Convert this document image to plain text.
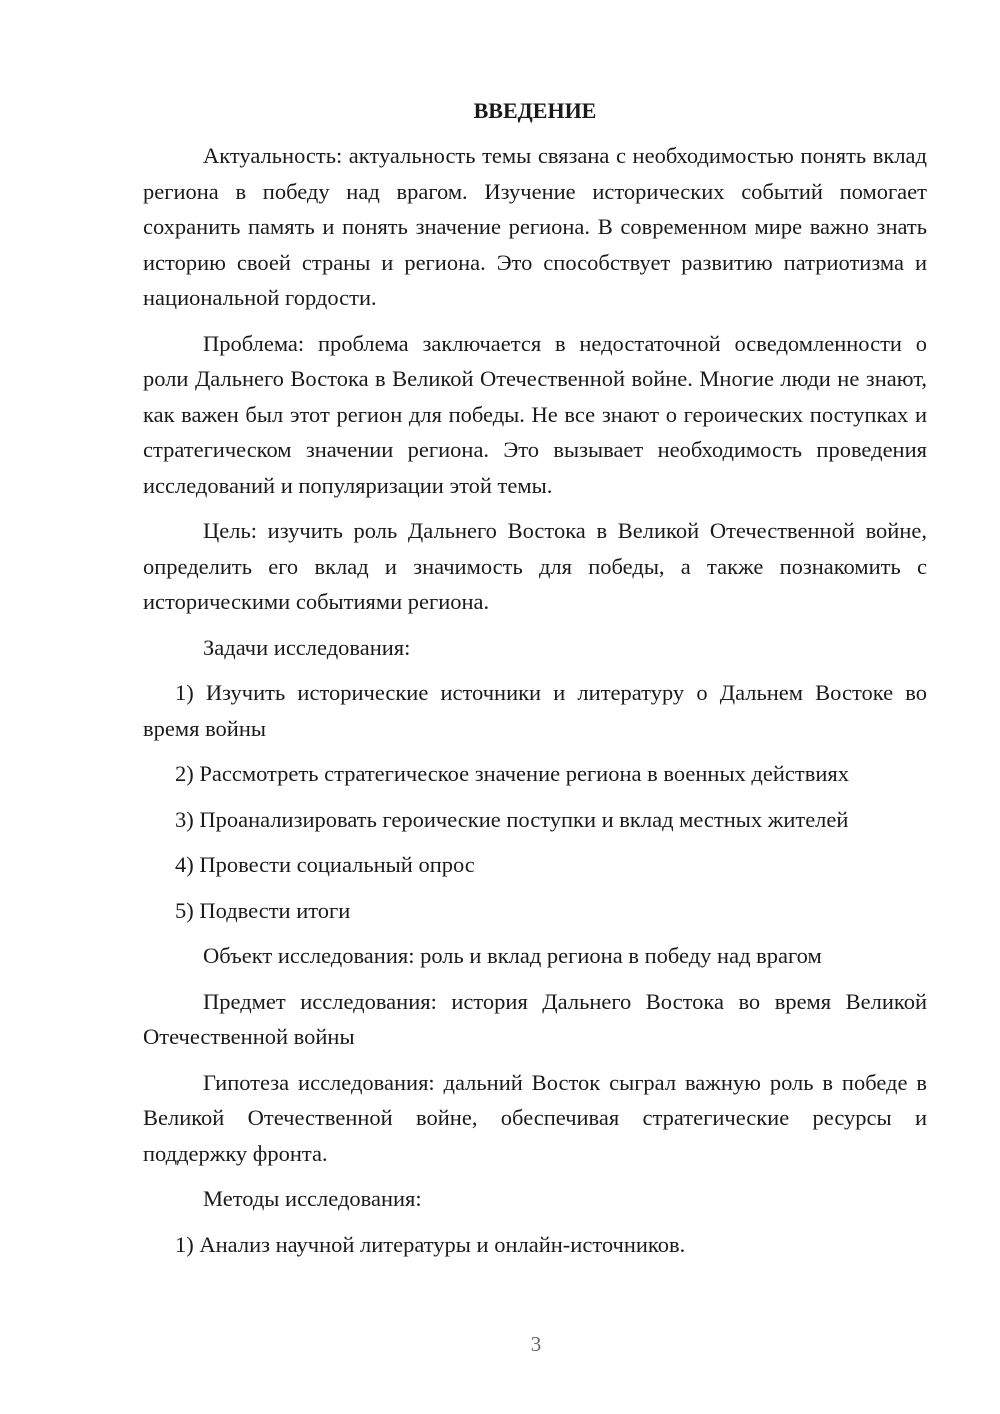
ВВЕДЕНИЕ

Актуальность: актуальность темы связана с необходимостью понять вклад региона в победу над врагом. Изучение исторических событий помогает сохранить память и понять значение региона. В современном мире важно знать историю своей страны и региона. Это способствует развитию патриотизма и национальной гордости.

Проблема: проблема заключается в недостаточной осведомленности о роли Дальнего Востока в Великой Отечественной войне. Многие люди не знают, как важен был этот регион для победы. Не все знают о героических поступках и стратегическом значении региона. Это вызывает необходимость проведения исследований и популяризации этой темы.

Цель: изучить роль Дальнего Востока в Великой Отечественной войне, определить его вклад и значимость для победы, а также познакомить с историческими событиями региона.

Задачи исследования:

1) Изучить исторические источники и литературу о Дальнем Востоке во время войны

2) Рассмотреть стратегическое значение региона в военных действиях

3) Проанализировать героические поступки и вклад местных жителей

4) Провести социальный опрос

5) Подвести итоги

Объект исследования: роль и вклад региона в победу над врагом

Предмет исследования: история Дальнего Востока во время Великой Отечественной войны

Гипотеза исследования: дальний Восток сыграл важную роль в победе в Великой Отечественной войне, обеспечивая стратегические ресурсы и поддержку фронта.

Методы исследования:

1) Анализ научной литературы и онлайн-источников.

3
